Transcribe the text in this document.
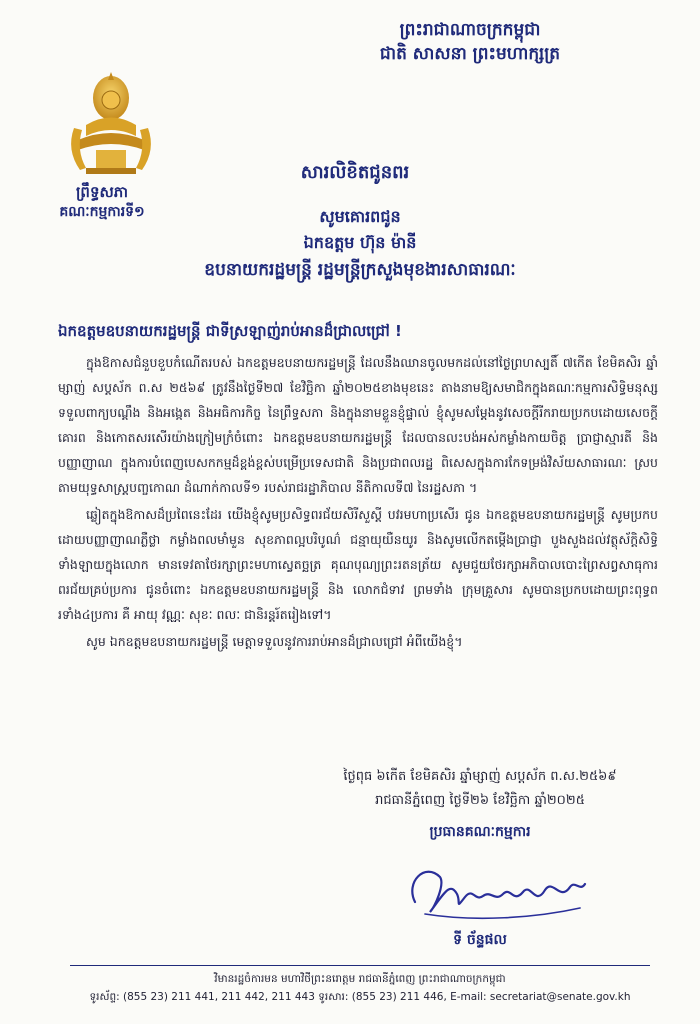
ព្រះរាជាណាចក្រកម្ពុជា
ជាតិ សាសនា ព្រះមហាក្សត្រ
ព្រឹទ្ធសភា
គណៈកម្មការទី១
សារលិខិតជូនពរ
សូមគោរពជូន
ឯកឧត្តម ហ៊ុន ម៉ានី
ឧបនាយករដ្ឋមន្ត្រី រដ្ឋមន្ត្រីក្រសួងមុខងារសាធារណៈ
ឯកឧត្តមឧបនាយករដ្ឋមន្ត្រី ជាទីស្រឡាញ់រាប់អានដ៏ជ្រាលជ្រៅ !

ក្នុងឱកាសជំនួបខួបកំណើតរបស់ ឯកឧត្តមឧបនាយករដ្ឋមន្ត្រី ដែលនឹងឈានចូលមកដល់នៅថ្ងៃព្រហស្បតិ៍ ៧កើត ខែមិគសិរ ឆ្នាំម្សាញ់ សប្តស័ក ព.ស ២៥៦៩ ត្រូវនឹងថ្ងៃទី២៧ ខែវិច្ឆិកា ឆ្នាំ២០២៥ខាងមុខនេះ តាងនាមឱ្យសមាជិកក្នុងគណៈកម្មការសិទ្ធិមនុស្ស ទទួលពាក្យបណ្តឹង និងអង្កេត និងអធិការកិច្ច នៃព្រឹទ្ធសភា និងក្នុងនាមខ្លួនខ្ញុំផ្ទាល់ ខ្ញុំសូមសម្តែងនូវសេចក្តីរីករាយប្រកបដោយសេចក្តីគោរព និងកោតសរសើរយ៉ាងក្រៀមក្រំចំពោះ ឯកឧត្តមឧបនាយករដ្ឋមន្ត្រី ដែលបានលះបង់អស់កម្លាំងកាយចិត្ត ប្រាជ្ញាស្មារតី និងបញ្ញាញាណ ក្នុងការបំពេញបេសកកម្មដ៏ខ្ពង់ខ្ពស់បម្រើប្រទេសជាតិ និងប្រជាពលរដ្ឋ ពិសេសក្នុងការកែទម្រង់វិស័យសាធារណៈ ស្របតាមយុទ្ធសាស្ត្របញ្ចកោណ ដំណាក់កាលទី១ របស់រាជរដ្ឋាភិបាល នីតិកាលទី៧ នៃរដ្ឋសភា ។

ឆ្លៀតក្នុងឱកាសដ៏ប្រពៃនេះដែរ យើងខ្ញុំសូមប្រសិទ្ធពរជ័យសិរីសួស្តី បវរមហាប្រសើរ ជូន ឯកឧត្តមឧបនាយករដ្ឋមន្ត្រី សូមប្រកបដោយបញ្ញាញាណភ្លឺថ្លា កម្លាំងពលមាំមួន សុខភាពល្អបរិបូណ៌ ជន្មាយុយឺនយូរ និងសូមលើកតម្កើងប្រាជ្ញា បួងសួងដល់វត្ថុស័ក្តិសិទ្ធិទាំងឡាយក្នុងលោក មានទេវតាថែរក្សាព្រះមហាស្វេតច្ឆត្រ គុណបុណ្យព្រះរតនត្រ័យ សូមជួយថែរក្សាអភិបាលបោះព្រៃសព្វសាធុការ ពរជ័យគ្រប់ប្រការ ជូនចំពោះ ឯកឧត្តមឧបនាយករដ្ឋមន្ត្រី និង លោកជំទាវ ព្រមទាំង ក្រុមគ្រួសារ សូមបានប្រកបដោយព្រះពុទ្ធពរទាំង៤ប្រការ គឺ អាយុ វណ្ណៈ សុខៈ ពលៈ ជានិរន្តរ៍តរៀងទៅ។

សូម ឯកឧត្តមឧបនាយករដ្ឋមន្ត្រី មេត្តាទទួលនូវការរាប់អានដ៏ជ្រាលជ្រៅ អំពីយើងខ្ញុំ។

ថ្ងៃពុធ ៦កើត ខែមិគសិរ ឆ្នាំម្សាញ់ សប្តស័ក ព.ស.២៥៦៩
រាជធានីភ្នំពេញ ថ្ងៃទី២៦ ខែវិច្ឆិកា ឆ្នាំ២០២៥
ប្រធានគណៈកម្មការ
ទី ច័ន្ទផល
វិមានរដ្ឋចំការមន មហាវិថីព្រះនរោត្តម រាជធានីភ្នំពេញ ព្រះរាជាណាចក្រកម្ពុជា
ទូរស័ព្ទ: (855 23) 211 441, 211 442, 211 443 ទូរសារ: (855 23) 211 446, E-mail: secretariat@senate.gov.kh
